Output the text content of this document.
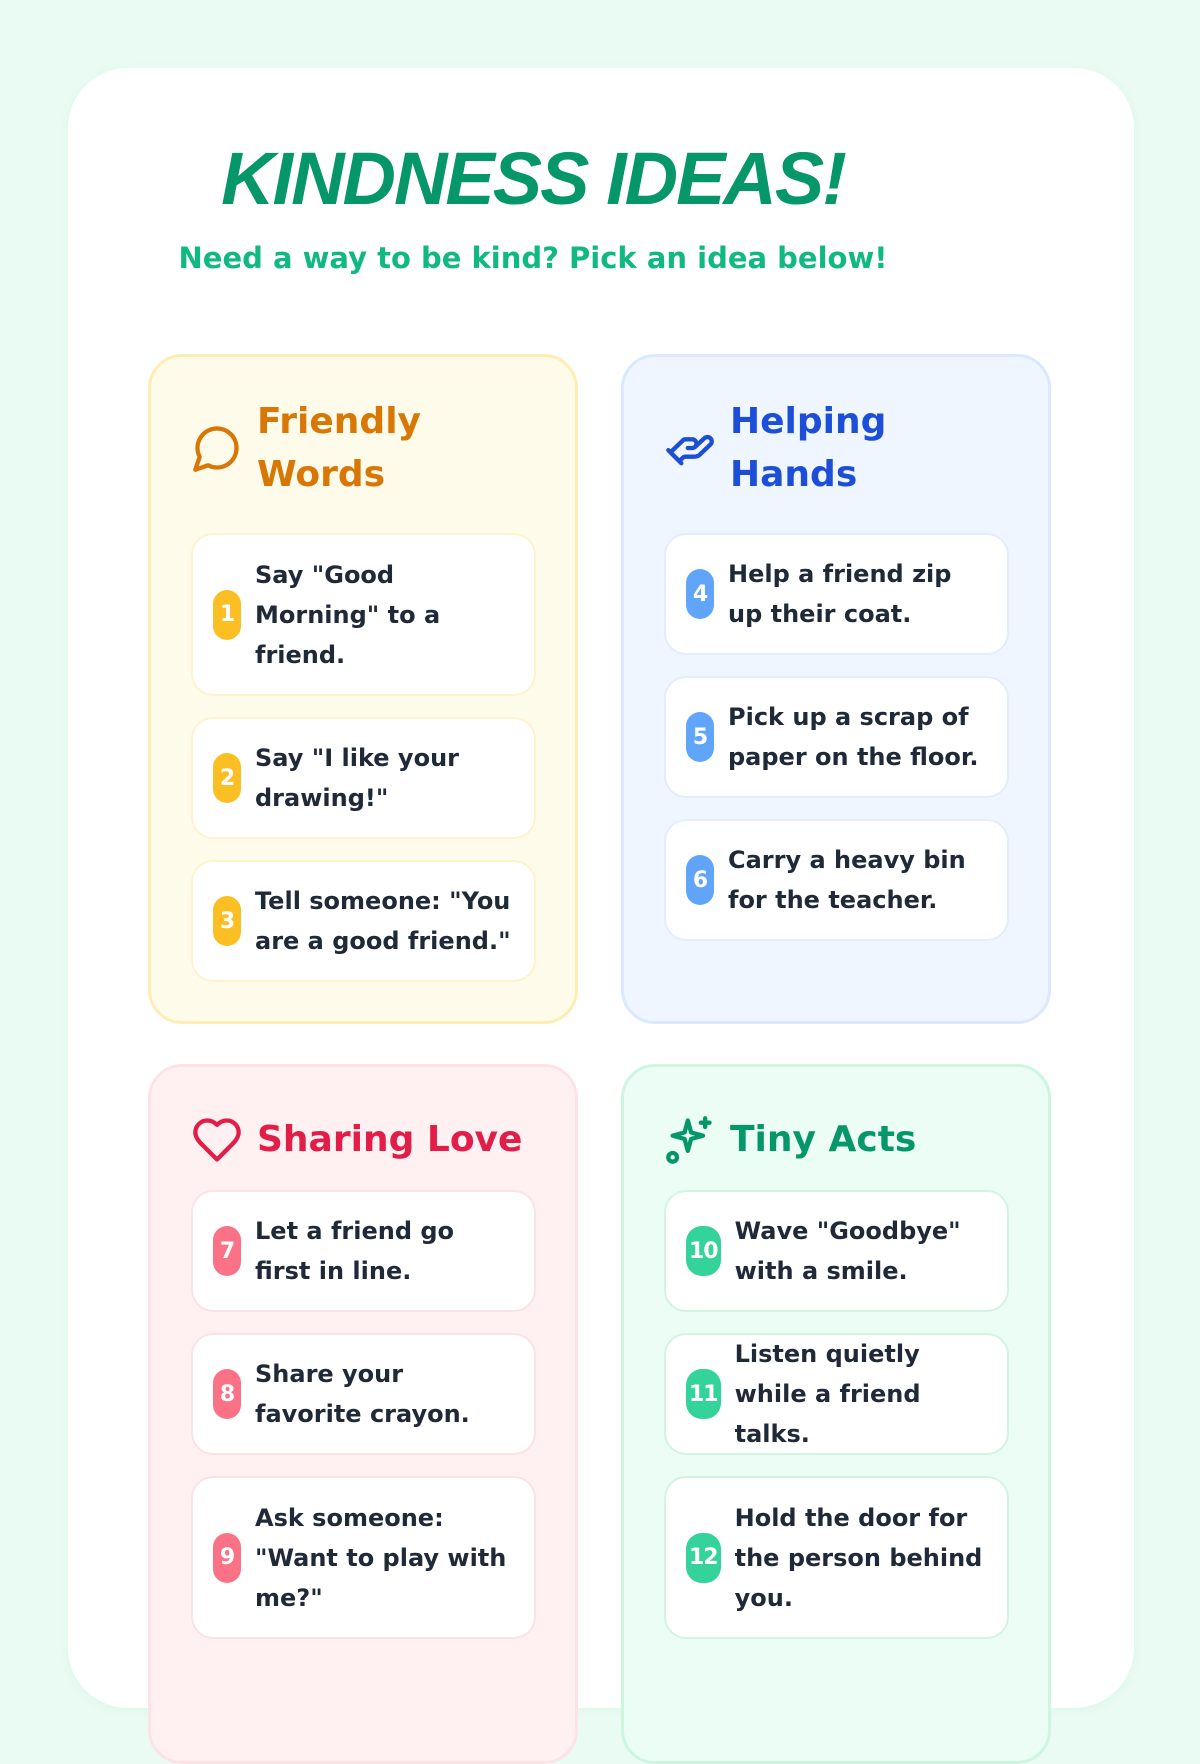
KINDNESS IDEAS!

Need a way to be kind? Pick an idea below!

Friendly
Words
1
Say "Good Morning" to a friend.
2
Say "I like your drawing!"
3
Tell someone: "You are a good friend."
Helping
Hands
4
Help a friend zip up their coat.
5
Pick up a scrap of paper on the floor.
6
Carry a heavy bin for the teacher.
Sharing Love
7
Let a friend go first in line.
8
Share your favorite crayon.
9
Ask someone: "Want to play with me?"
Tiny Acts
10
Wave "Goodbye" with a smile.
11
Listen quietly while a friend talks.
12
Hold the door for the person behind you.
